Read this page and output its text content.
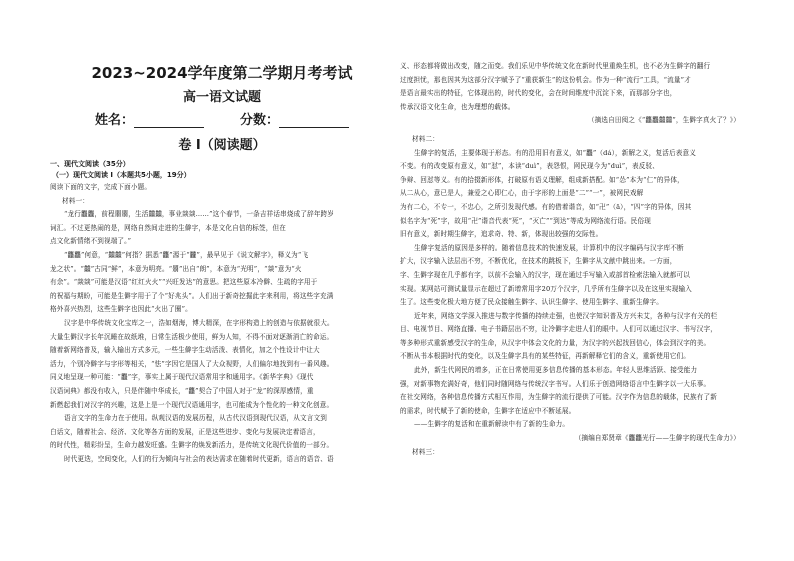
2023~2024学年度第二学期月考考试
高一语文试题
姓名：	分数：
卷 I（阅读题）
一、现代文阅读（35分）
（一）现代文阅读 I（本题共5小题，19分）
阅读下面的文字，完成下面小题。
材料一：
“龙行龘龘，前程朤朤，生活䲜䲜，事业燚燚……”这个春节，一条吉祥话串烧成了辞年跨岁
词汇。不过更热闹的是，网络自然间走进的生僻字，本是文化自信的标签，但在
点文化新情绪不到视端了。”
“龘龘”何意，“䲜䲜”何指？据悉“龘”源于“龖”，最早见于《说文解字》，释义为“飞
龙之状”。“䲜”古同“鲜”，本意为明亮。“朤”出自“朗”，本意为“光明”，“燚”意为“火
有余”。“燚燚”可能是汉语“红红火火”“兴旺发达”的意思。把这些原本冷僻、生疏的字用于
的祝福与期盼，可能是生僻字用于了个“好兆头”。人们出于新奇挖掘此字来利用，将这些字充满
格外喜兴热烈，这些生僻字也因此“火出了圈”。
汉字是中华传统文化宝库之一，浩如烟海，博大精深，在字形构造上的创造与依据就很大。
大量生僻汉字长年沉睡在故纸堆，日常生活极少使用，鲜为人知，不得不面对逐渐消亡的命运。
随着新网络普及，输入输出方式多元，一些生僻字生动活泼、表情化，加之个性设计中让大
活力，个别冷僻字与字形等相关，“怯”字因它是国人了大众视野，人们偏尔地找到有一番风趣。
同义地呈现一种可能：“龘”字，事实上属于现代汉语常用字和通用字。《新华字典》《现代
汉语词典》都没有收入，只是伴随中华成长，“龘”契合了中国人对于“龙”的深厚感情，重
新燃起我们对汉字的兴趣，这是上是一个现代汉语通用字，也可能成为个性化的一种文化创意。
语言文字的生命力在于使用。纵观汉语的发展历程，从古代汉语到现代汉语，从文言文到
白话文，随着社会、经济、文化等各方面的发展，正是这些进步、变化与发展决定着语言，
的时代性，精彩纷呈，生命力越发旺盛。生僻字的焕发新活力，是传统文化现代价值的一部分。
时代更迭，空间变化，人们的行为倾向与社会的表达需求在随着时代更新，语言的语音、语
义、形态都将做出改变，随之而变。我们乐见中华传统文化在新时代里重焕生机，也不必为生僻字的翻行
过度担忧，那也因其为这部分汉字赋予了“重获新生”的这份机会。作为一种“流行”工具，“流量”才
是语言最实出的特征，它体现出的，时代的变化，会在时间维度中沉淀下来，而那部分字也，
传承汉语文化生命，也为理想的载体。
（摘选自田阅之《“龘龘䲜䲜”，生僻字真火了？》）
材料二：
生僻字的复活，主要体现于形态。有的沿用旧有意义，如“龘”（dá），新解之义，复活后表意义
不变。有的改变原有意义，如“怼”，本读“duì”，表怨恨，网民现今为“duì”，表反驳、
争辩、回怼等义。有的拾掇新形体，打破原有语义理解，组成新搭配。如“怂”本为“仁”的异体，
从二从心，意已是人，兼爱之心即仁心，由于字形的上面是“二”“一”，被网民戏解
为有二心，不专一，不忠心，之所引发现代感。有的借着谐音，如“卍”（ā），“四”字的异体，因其
似名字为“死”字，故用“卍”谐音代表“死”，“灭亡”“到达”等成为网络流行语。民俗现
旧有意义，新时期生僻字，追求奇、特、新，体现出较强的交际性。
生僻字复活的原因是多样的。随着信息技术的快速发展，计算机中的汉字编码与汉字库不断
扩大，汉字输入法层出不穷，不断优化，在技术的跳板下，生僻字从文献中跳出来。一方面，
字、生僻字现在几乎都有字，以前不会输入的汉字，现在通过手写输入或部首检索法输入就都可以
实现。某网站可测试量显示在超过了新增常用字20万个汉字，几乎所有生僻字以及在这里实现输入
生了。这些变化极大地方便了民众接触生僻字、认识生僻字、使用生僻字、重新生僻字。
近年来，网络文学深入推进与数字传播的持续走强，也使汉字知识普及方兴未艾，各种与汉字有关的栏
目、电视节目、网络直播、电子书籍层出不穷，让冷僻字走进人们的眼中。人们可以通过汉字、书写汉字，
等多种形式重新感受汉字的生命，从汉字中体会文化的力量，为汉字的兴起找回信心，体会到汉字的美。
不断从书本根据时代的变化，以及生僻字具有的某些特征，再新解释它们的含义，重新使用它们。
此外，新生代网民的增多，正在日常使用更多信息传播的基本形态。年轻人思维活跃、接受能力
强，对新事物充满好奇，他们同时随网络与传统汉字书写。人们乐于创造网络语言中生僻字以一大乐事。
在社交网络，各种信息传播方式相互作用，为生僻字的流行提供了可能。汉字作为信息的载体，民族有了新
的需求，时代赋予了新的使命，生僻字在适应中不断延展。
——生僻字的复活和在重新解读中有了新的生命力。
（摘编自郑贤章《龘龘光行——生僻字的现代生命力》）
材料三：
